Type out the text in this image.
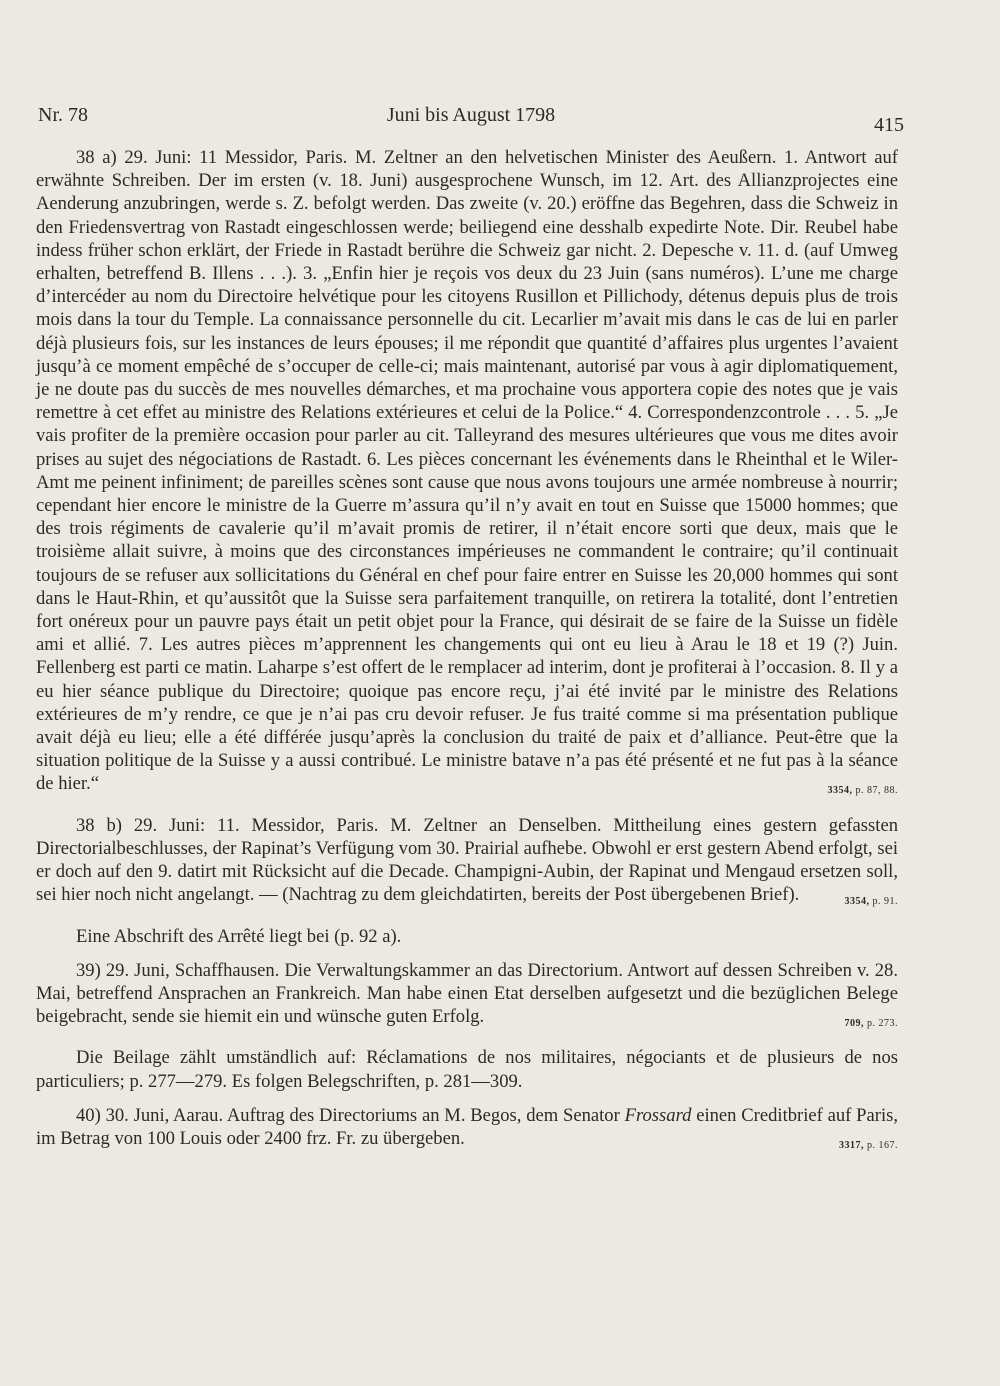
Nr. 78	Juni bis August 1798	415

38 a) 29. Juni: 11 Messidor, Paris. M. Zeltner an den helvetischen Minister des Aeußern. 1. Antwort auf erwähnte Schreiben. Der im ersten (v. 18. Juni) ausgesprochene Wunsch, im 12. Art. des Allianzprojectes eine Aenderung anzubringen, werde s. Z. befolgt werden. Das zweite (v. 20.) eröffne das Begehren, dass die Schweiz in den Friedensvertrag von Rastadt eingeschlossen werde; beiliegend eine desshalb expedirte Note. Dir. Reubel habe indess früher schon erklärt, der Friede in Rastadt berühre die Schweiz gar nicht. 2. Depesche v. 11. d. (auf Umweg erhalten, betreffend B. Illens . . .). 3. „Enfin hier je reçois vos deux du 23 Juin (sans numéros). L’une me charge d’intercéder au nom du Directoire helvétique pour les citoyens Rusillon et Pillichody, détenus depuis plus de trois mois dans la tour du Temple. La connaissance personnelle du cit. Lecarlier m’avait mis dans le cas de lui en parler déjà plusieurs fois, sur les instances de leurs épouses; il me répondit que quantité d’affaires plus urgentes l’avaient jusqu’à ce moment empêché de s’occuper de celle-ci; mais maintenant, autorisé par vous à agir diplomatiquement, je ne doute pas du succès de mes nouvelles démarches, et ma prochaine vous apportera copie des notes que je vais remettre à cet effet au ministre des Relations extérieures et celui de la Police.“ 4. Correspondenzcontrole . . . 5. „Je vais profiter de la première occasion pour parler au cit. Talleyrand des mesures ultérieures que vous me dites avoir prises au sujet des négociations de Rastadt. 6. Les pièces concernant les événements dans le Rheinthal et le Wiler-Amt me peinent infiniment; de pareilles scènes sont cause que nous avons toujours une armée nombreuse à nourrir; cependant hier encore le ministre de la Guerre m’assura qu’il n’y avait en tout en Suisse que 15000 hommes; que des trois régiments de cavalerie qu’il m’avait promis de retirer, il n’était encore sorti que deux, mais que le troisième allait suivre, à moins que des circonstances impérieuses ne commandent le contraire; qu’il continuait toujours de se refuser aux sollicitations du Général en chef pour faire entrer en Suisse les 20,000 hommes qui sont dans le Haut-Rhin, et qu’aussitôt que la Suisse sera parfaitement tranquille, on retirera la totalité, dont l’entretien fort onéreux pour un pauvre pays était un petit objet pour la France, qui désirait de se faire de la Suisse un fidèle ami et allié. 7. Les autres pièces m’apprennent les changements qui ont eu lieu à Arau le 18 et 19 (?) Juin. Fellenberg est parti ce matin. Laharpe s’est offert de le remplacer ad interim, dont je profiterai à l’occasion. 8. Il y a eu hier séance publique du Directoire; quoique pas encore reçu, j’ai été invité par le ministre des Relations extérieures de m’y rendre, ce que je n’ai pas cru devoir refuser. Je fus traité comme si ma présentation publique avait déjà eu lieu; elle a été différée jusqu’après la conclusion du traité de paix et d’alliance. Peut-être que la situation politique de la Suisse y a aussi contribué. Le ministre batave n’a pas été présenté et ne fut pas à la séance de hier.“	3354, p. 87, 88.

38 b) 29. Juni: 11. Messidor, Paris. M. Zeltner an Denselben. Mittheilung eines gestern gefassten Directorialbeschlusses, der Rapinat’s Verfügung vom 30. Prairial aufhebe. Obwohl er erst gestern Abend erfolgt, sei er doch auf den 9. datirt mit Rücksicht auf die Decade. Champigni-Aubin, der Rapinat und Mengaud ersetzen soll, sei hier noch nicht angelangt. — (Nachtrag zu dem gleichdatirten, bereits der Post übergebenen Brief).	3354, p. 91.

Eine Abschrift des Arrêté liegt bei (p. 92 a).

39) 29. Juni, Schaffhausen. Die Verwaltungskammer an das Directorium. Antwort auf dessen Schreiben v. 28. Mai, betreffend Ansprachen an Frankreich. Man habe einen Etat derselben aufgesetzt und die bezüglichen Belege beigebracht, sende sie hiemit ein und wünsche guten Erfolg.	709, p. 273.

Die Beilage zählt umständlich auf: Réclamations de nos militaires, négociants et de plusieurs de nos particuliers; p. 277—279. Es folgen Belegschriften, p. 281—309.

40) 30. Juni, Aarau. Auftrag des Directoriums an M. Begos, dem Senator Frossard einen Creditbrief auf Paris, im Betrag von 100 Louis oder 2400 frz. Fr. zu übergeben.	3317, p. 167.
